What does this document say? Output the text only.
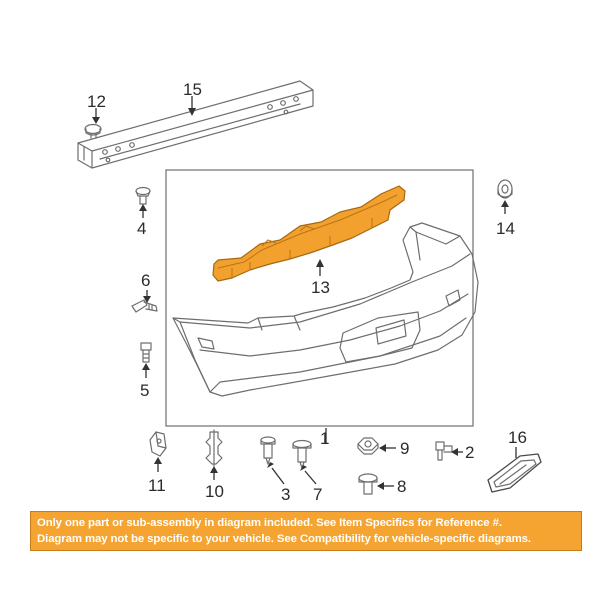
15
12
4	14
6	13
5
1
9	2
16
11 10	3 7	8
Only one part or sub-assembly in diagram included. See Item Specifics for Reference #.
Diagram may not be specific to your vehicle. See Compatibility for vehicle-specific diagrams.
